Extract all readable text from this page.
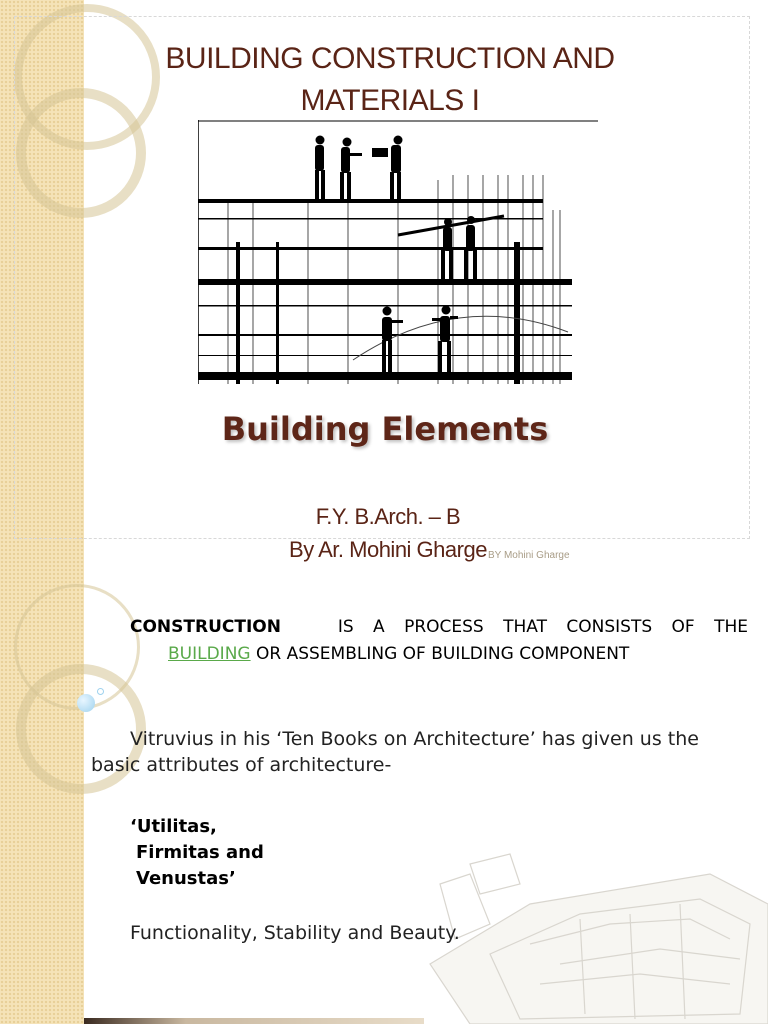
BUILDING CONSTRUCTION AND
MATERIALS I
Building Elements
F.Y. B.Arch. – B
By Ar. Mohini Gharge BY Mohini Gharge
CONSTRUCTION	IS A PROCESS THAT CONSISTS OF THE
BUILDING OR ASSEMBLING OF BUILDING COMPONENT
Vitruvius in his ‘Ten Books on Architecture’ has given us the
basic attributes of architecture-
‘Utilitas,
Firmitas and
Venustas’
Functionality, Stability and Beauty.
